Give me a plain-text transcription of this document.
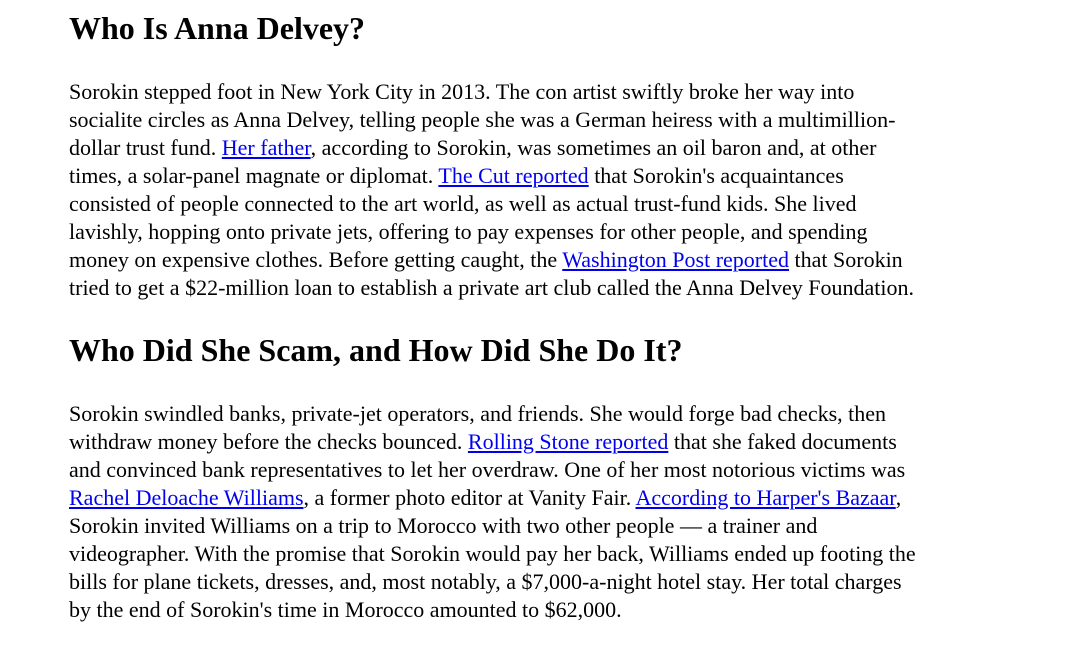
Who Is Anna Delvey?

Sorokin stepped foot in New York City in 2013. The con artist swiftly broke her way into
socialite circles as Anna Delvey, telling people she was a German heiress with a multimillion-
dollar trust fund. Her father, according to Sorokin, was sometimes an oil baron and, at other
times, a solar-panel magnate or diplomat. The Cut reported that Sorokin's acquaintances
consisted of people connected to the art world, as well as actual trust-fund kids. She lived
lavishly, hopping onto private jets, offering to pay expenses for other people, and spending
money on expensive clothes. Before getting caught, the Washington Post reported that Sorokin
tried to get a $22-million loan to establish a private art club called the Anna Delvey Foundation.

Who Did She Scam, and How Did She Do It?

Sorokin swindled banks, private-jet operators, and friends. She would forge bad checks, then
withdraw money before the checks bounced. Rolling Stone reported that she faked documents
and convinced bank representatives to let her overdraw. One of her most notorious victims was
Rachel Deloache Williams, a former photo editor at Vanity Fair. According to Harper's Bazaar,
Sorokin invited Williams on a trip to Morocco with two other people — a trainer and
videographer. With the promise that Sorokin would pay her back, Williams ended up footing the
bills for plane tickets, dresses, and, most notably, a $7,000-a-night hotel stay. Her total charges
by the end of Sorokin's time in Morocco amounted to $62,000.
